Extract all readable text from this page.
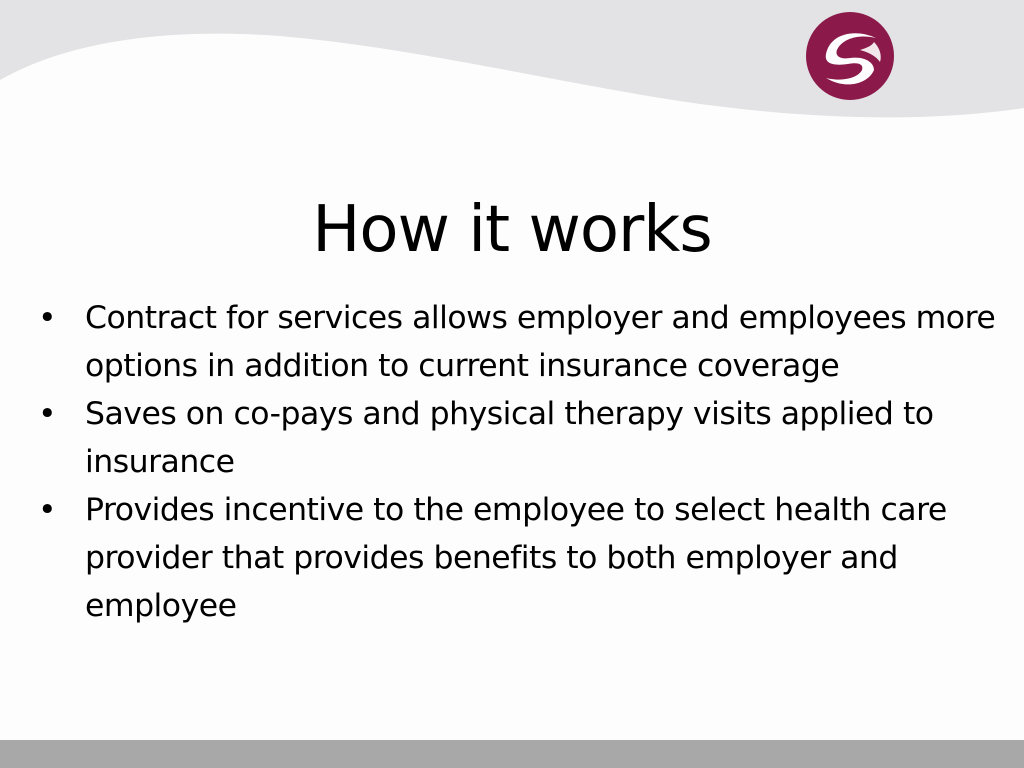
How it works
• Contract for services allows employer and employees more options in addition to current insurance coverage
• Saves on co-pays and physical therapy visits applied to insurance
• Provides incentive to the employee to select health care provider that provides benefits to both employer and employee
